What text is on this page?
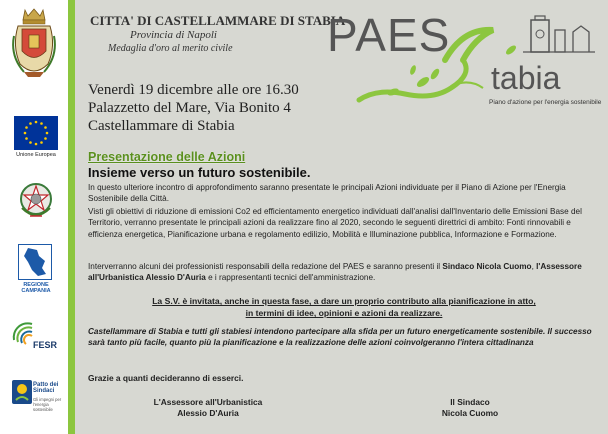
Unione Europea
REGIONE CAMPANIA
FESR
Patto dei
Sindaci
Gli impegni per l'energia sostenibile

CITTA' DI CASTELLAMMARE DI STABIA

Provincia di Napoli

Medaglia d'oro al merito civile PAES
tabia
Piano d'azione per l'energia sostenibile

Venerdì 19 dicembre alle ore 16.30

Palazzetto del Mare, Via Bonito 4

Castellammare di Stabia

Presentazione delle Azioni

Insieme verso un futuro sostenibile.

In questo ulteriore incontro di approfondimento saranno presentate le principali Azioni individuate per il Piano di Azione per l'Energia Sostenibile della Città.

Visti gli obiettivi di riduzione di emissioni Co2 ed efficientamento energetico individuati dall'analisi dall'Inventario delle Emissioni Base del Territorio, verranno presentate le principali azioni da realizzare fino al 2020, secondo le seguenti direttrici di ambito: Fonti rinnovabili e efficienza energetica, Pianificazione urbana e regolamento edilizio, Mobilità e Illuminazione pubblica, Informazione e Formazione.

Interverranno alcuni dei professionisti responsabili della redazione del PAES e saranno presenti il Sindaco Nicola Cuomo, l'Assessore all'Urbanistica Alessio D'Auria e i rappresentanti tecnici dell'amministrazione.

La S.V. è invitata, anche in questa fase, a dare un proprio contributo alla pianificazione in atto,

in termini di idee, opinioni e azioni da realizzare.

Castellammare di Stabia e tutti gli stabiesi intendono partecipare alla sfida per un futuro energeticamente sostenibile. Il successo sarà tanto più facile, quanto più la pianificazione e la realizzazione delle azioni coinvolgeranno l'intera cittadinanza

Grazie a quanti decideranno di esserci.

L'Assessore all'Urbanistica

Alessio D'Auria

Il Sindaco

Nicola Cuomo
